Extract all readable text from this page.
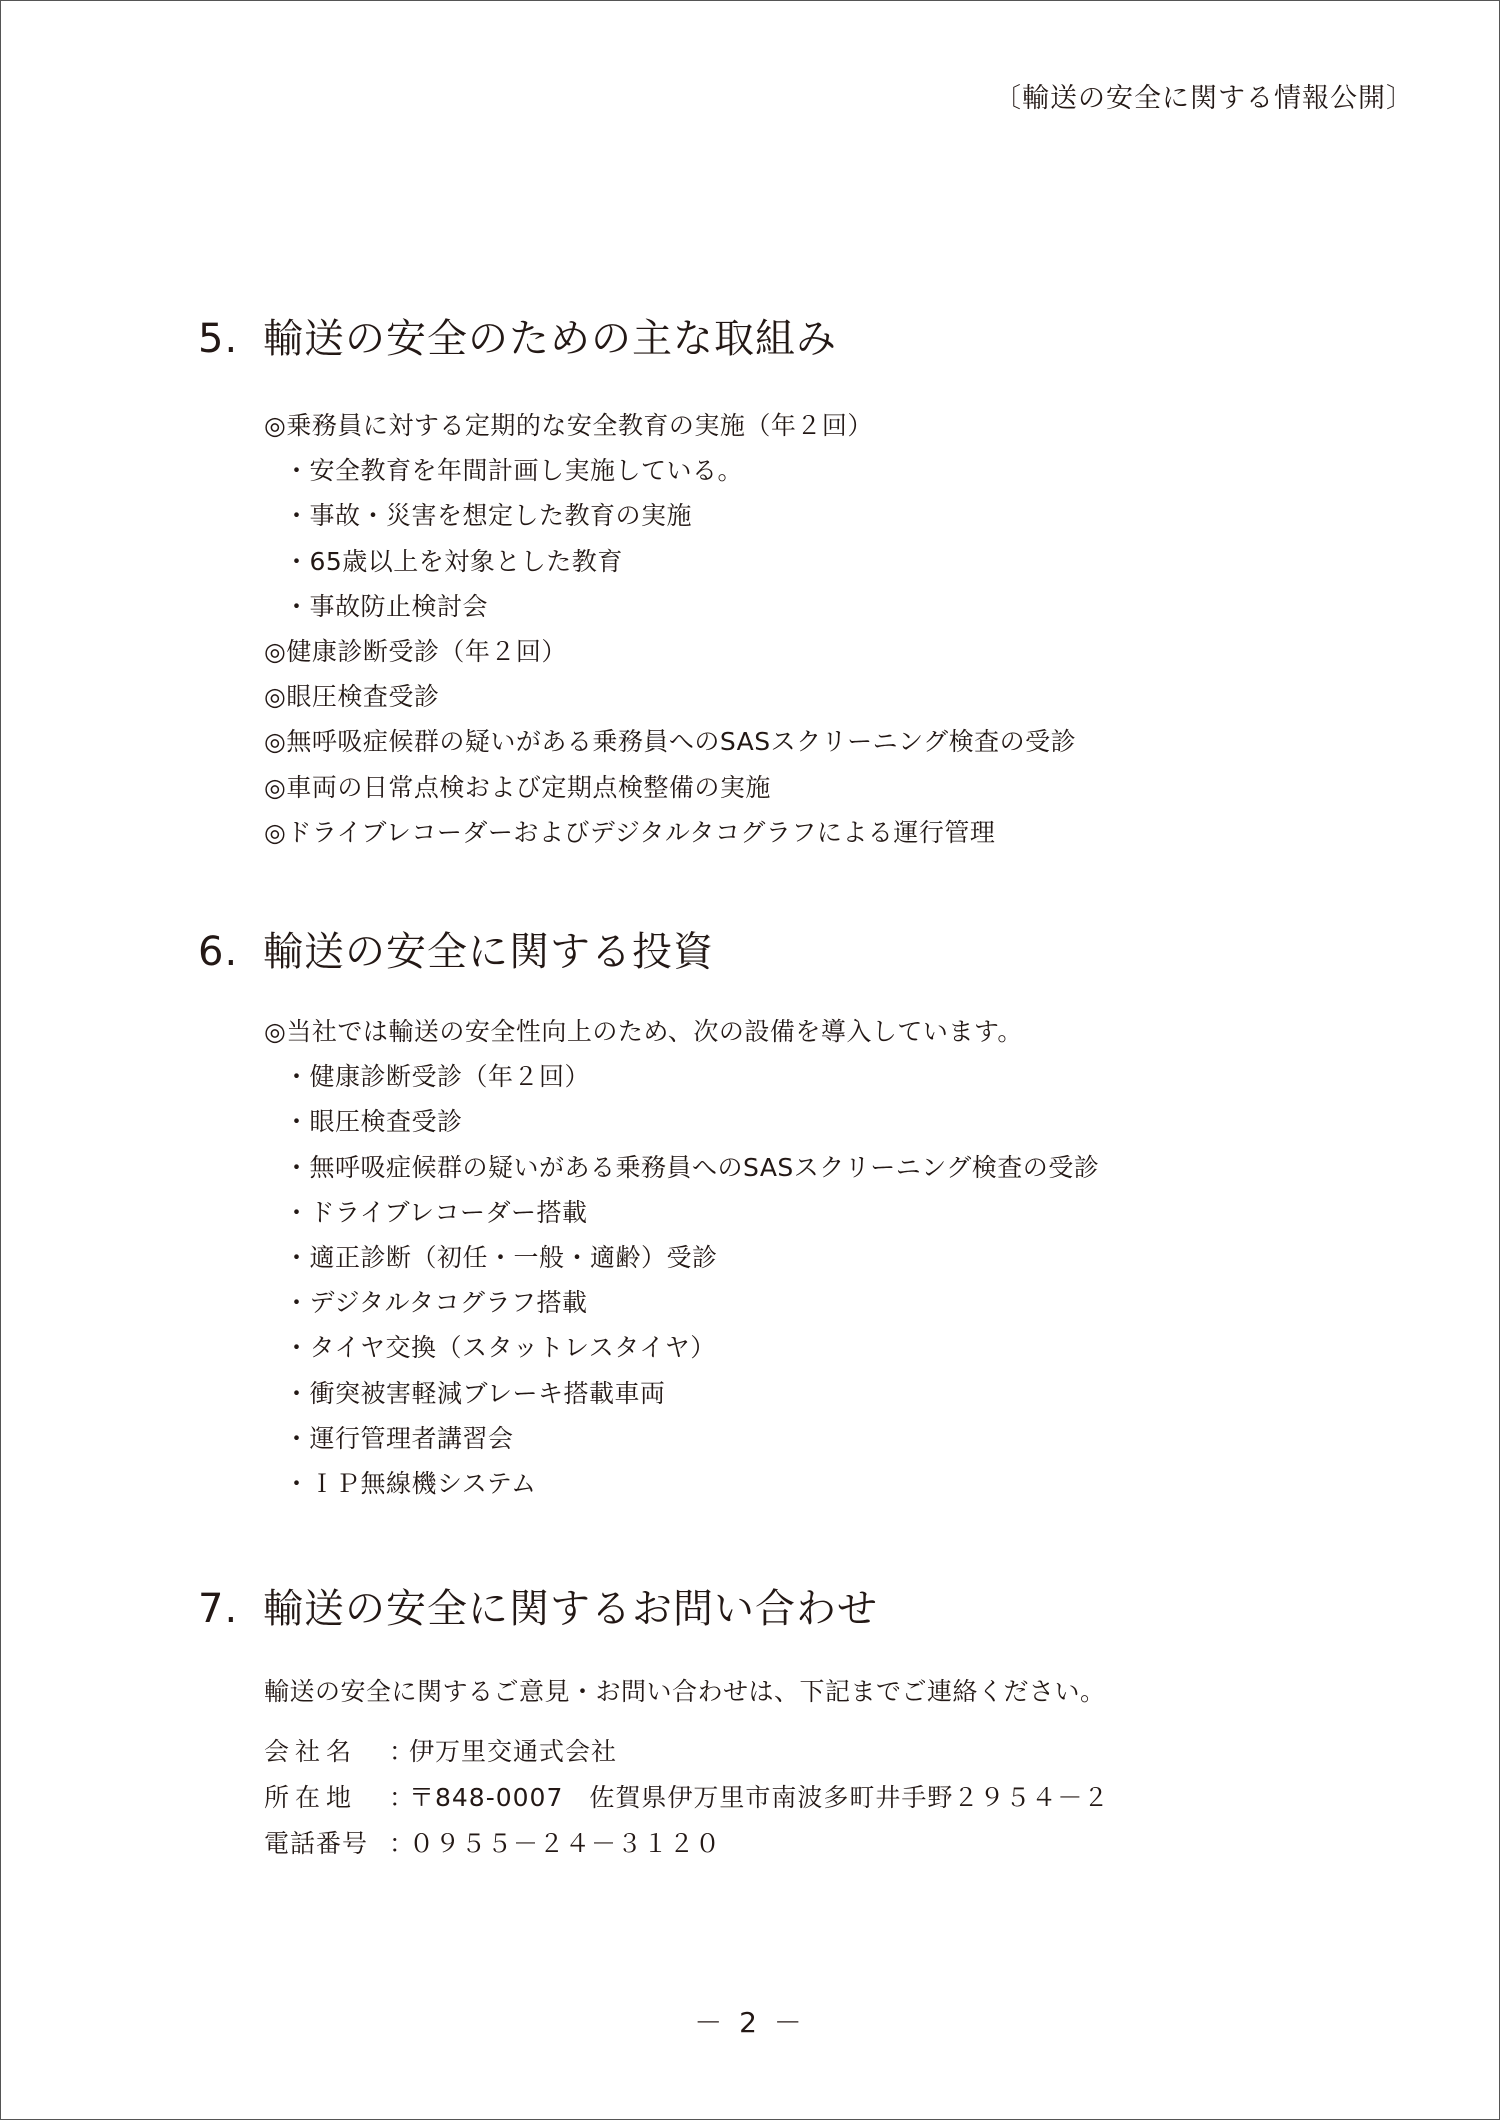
〔輸送の安全に関する情報公開〕
5. 輸送の安全のための主な取組み
◎乗務員に対する定期的な安全教育の実施（年２回）
・安全教育を年間計画し実施している。
・事故・災害を想定した教育の実施
・65歳以上を対象とした教育
・事故防止検討会
◎健康診断受診（年２回）
◎眼圧検査受診
◎無呼吸症候群の疑いがある乗務員へのSASスクリーニング検査の受診
◎車両の日常点検および定期点検整備の実施
◎ドライブレコーダーおよびデジタルタコグラフによる運行管理
6. 輸送の安全に関する投資
◎当社では輸送の安全性向上のため、次の設備を導入しています。
・健康診断受診（年２回）
・眼圧検査受診
・無呼吸症候群の疑いがある乗務員へのSASスクリーニング検査の受診
・ドライブレコーダー搭載
・適正診断（初任・一般・適齢）受診
・デジタルタコグラフ搭載
・タイヤ交換（スタットレスタイヤ）
・衝突被害軽減ブレーキ搭載車両
・運行管理者講習会
・ＩＰ無線機システム
7. 輸送の安全に関するお問い合わせ

輸送の安全に関するご意見・お問い合わせは、下記までご連絡ください。

会社名	：
伊万里交通式会社
所在地	：
〒848-0007　佐賀県伊万里市南波多町井手野２９５４－２
電話番号 ：
０９５５－２４－３１２０
－ 2 －
